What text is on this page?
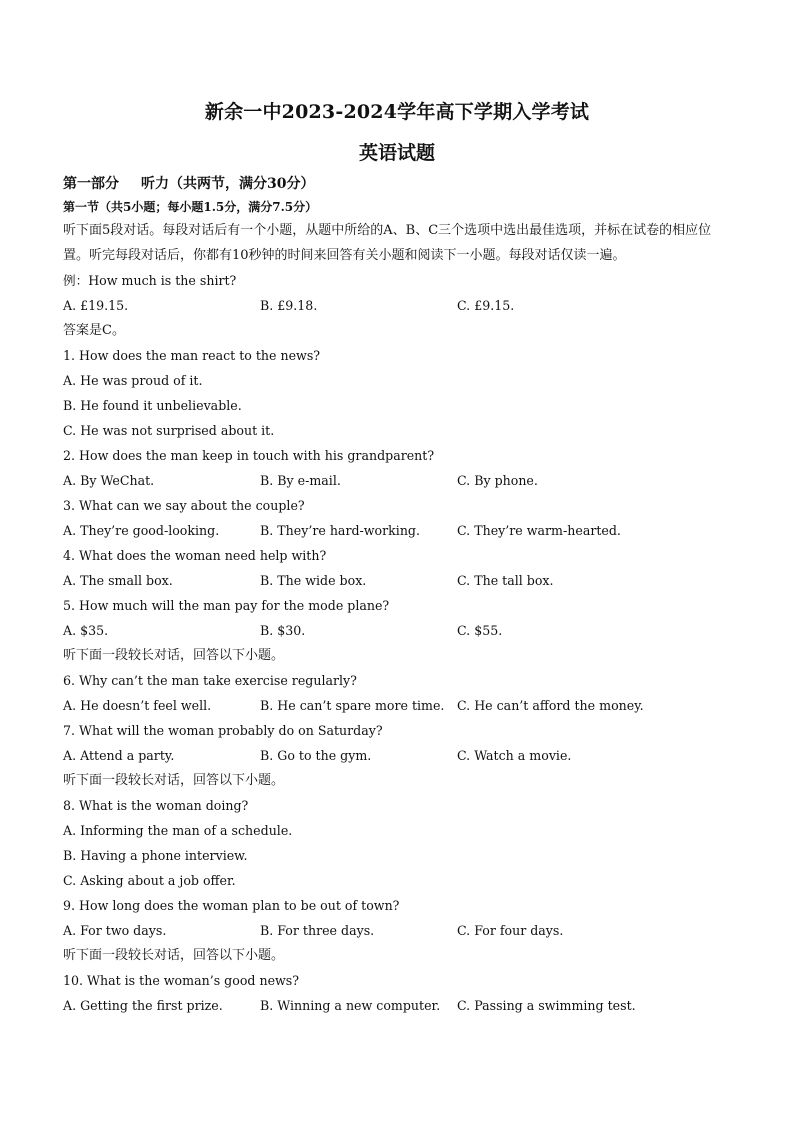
新余一中2023-2024学年高下学期入学考试
英语试题
第一部分 听力（共两节，满分30分）
第一节（共5小题；每小题1.5分，满分7.5分）
听下面5段对话。每段对话后有一个小题，从题中所给的A、B、C三个选项中选出最佳选项，并标在试卷的相应位置。听完每段对话后，你都有10秒钟的时间来回答有关小题和阅读下一小题。每段对话仅读一遍。
例：How much is the shirt?
A. £19.15.	B. £9.18.	C. £9.15.
答案是C。
1. How does the man react to the news?
A. He was proud of it.
B. He found it unbelievable.
C. He was not surprised about it.
2. How does the man keep in touch with his grandparent?
A. By WeChat.	B. By e-mail.	C. By phone.
3. What can we say about the couple?
A. They’re good-looking.	B. They’re hard-working.	C. They’re warm-hearted.
4. What does the woman need help with?
A. The small box.	B. The wide box.	C. The tall box.
5. How much will the man pay for the mode plane?
A. $35.	B. $30.	C. $55.
听下面一段较长对话，回答以下小题。
6. Why can’t the man take exercise regularly?
A. He doesn’t feel well.	B. He can’t spare more time. C. He can’t afford the money.
7. What will the woman probably do on Saturday?
A. Attend a party.	B. Go to the gym.	C. Watch a movie.
听下面一段较长对话，回答以下小题。
8. What is the woman doing?
A. Informing the man of a schedule.
B. Having a phone interview.
C. Asking about a job offer.
9. How long does the woman plan to be out of town?
A. For two days.	B. For three days.	C. For four days.
听下面一段较长对话，回答以下小题。
10. What is the woman’s good news?
A. Getting the first prize.	B. Winning a new computer.	C. Passing a swimming test.
